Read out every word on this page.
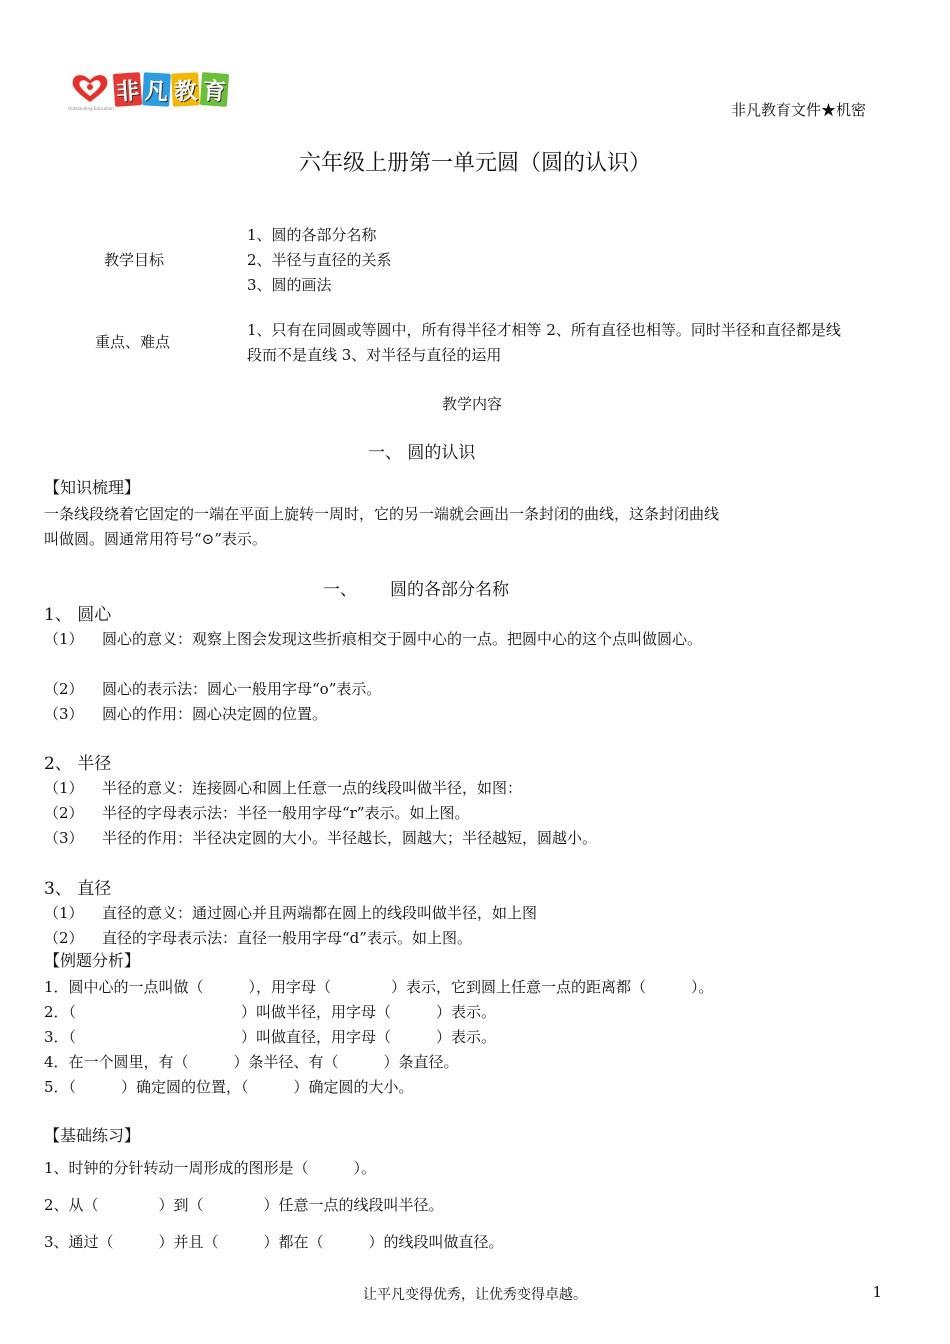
Outstanding Education
非 凡 教 育
非凡教育文件★机密
六年级上册第一单元圆（圆的认识）
教学目标
1、圆的各部分名称
2、半径与直径的关系
3、圆的画法
重点、难点
1、只有在同圆或等圆中，所有得半径才相等 2、所有直径也相等。同时半径和直径都是线
段而不是直线 3、对半径与直径的运用
教学内容
一、 圆的认识
【知识梳理】
一条线段绕着它固定的一端在平面上旋转一周时，它的另一端就会画出一条封闭的曲线，这条封闭曲线
叫做圆。圆通常用符号“⊙”表示。
一、 圆的各部分名称
1、 圆心
（1） 圆心的意义：观察上图会发现这些折痕相交于圆中心的一点。把圆中心的这个点叫做圆心。
（2） 圆心的表示法：圆心一般用字母“o”表示。
（3） 圆心的作用：圆心决定圆的位置。
2、 半径
（1） 半径的意义：连接圆心和圆上任意一点的线段叫做半径，如图：
（2） 半径的字母表示法：半径一般用字母“r”表示。如上图。
（3） 半径的作用：半径决定圆的大小。半径越长，圆越大；半径越短，圆越小。
3、 直径
（1） 直径的意义：通过圆心并且两端都在圆上的线段叫做半径，如上图
（2） 直径的字母表示法：直径一般用字母“d”表示。如上图。
【例题分析】
1．圆中心的一点叫做（　　　），用字母（　　　　）表示，它到圆上任意一点的距离都（　　　）。
2．（　　　　　　　　　　　）叫做半径，用字母（　　　）表示。
3．（　　　　　　　　　　　）叫做直径，用字母（　　　）表示。
4．在一个圆里，有（　　　）条半径、有（　　　）条直径。
5．（　　　）确定圆的位置，（　　　）确定圆的大小。
【基础练习】
1、时钟的分针转动一周形成的图形是（　　　）。
2、从（　　　　）到（　　　　）任意一点的线段叫半径。
3、通过（　　　）并且（　　　）都在（　　　）的线段叫做直径。
让平凡变得优秀，让优秀变得卓越。	1
